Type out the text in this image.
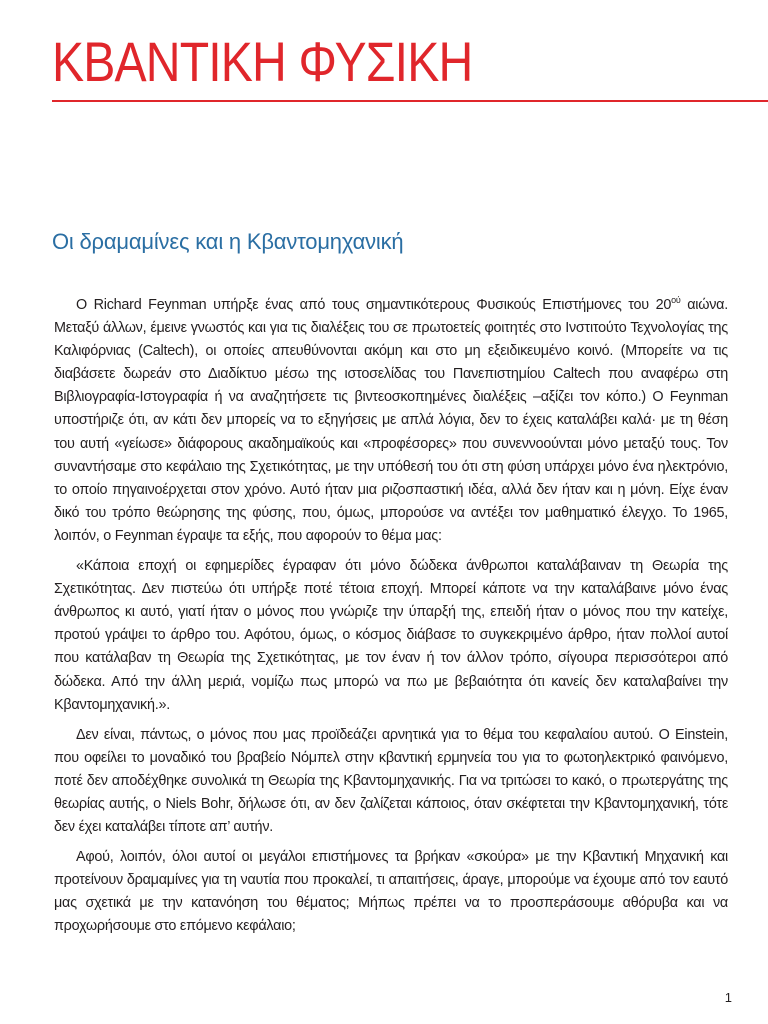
ΚΒΑΝΤΙΚΗ ΦΥΣΙΚΗ
Οι δραμαμίνες και η Κβαντομηχανική

Ο Richard Feynman υπήρξε ένας από τους σημαντικότερους Φυσικούς Επιστήμονες του $20^{oύ}$ αιώνα. Μεταξύ άλλων, έμεινε γνωστός και για τις διαλέξεις του σε πρωτοετείς φοιτητές στο Ινστιτούτο Τεχνολογίας της Καλιφόρνιας (Caltech), οι οποίες απευθύνονται ακόμη και στο μη εξειδικευμένο κοινό. (Μπορείτε να τις διαβάσετε δωρεάν στο Διαδίκτυο μέσω της ιστοσελίδας του Πανεπιστημίου Caltech που αναφέρω στη Βιβλιογραφία-Ιστογραφία ή να αναζητήσετε τις βιντεοσκοπημένες διαλέξεις –αξίζει τον κόπο.) Ο Feynman υποστήριζε ότι, αν κάτι δεν μπορείς να το εξηγήσεις με απλά λόγια, δεν το έχεις καταλάβει καλά· με τη θέση του αυτή «γείωσε» διάφορους ακαδημαϊκούς και «προφέσορες» που συνεννοούνται μόνο μεταξύ τους. Τον συναντήσαμε στο κεφάλαιο της Σχετικότητας, με την υπόθεσή του ότι στη φύση υπάρχει μόνο ένα ηλεκτρόνιο, το οποίο πηγαινοέρχεται στον χρόνο. Αυτό ήταν μια ριζοσπαστική ιδέα, αλλά δεν ήταν και η μόνη. Είχε έναν δικό του τρόπο θεώρησης της φύσης, που, όμως, μπορούσε να αντέξει τον μαθηματικό έλεγχο. Το 1965, λοιπόν, ο Feynman έγραψε τα εξής, που αφορούν το θέμα μας:

«Κάποια εποχή οι εφημερίδες έγραφαν ότι μόνο δώδεκα άνθρωποι καταλάβαιναν τη Θεωρία της Σχετικότητας. Δεν πιστεύω ότι υπήρξε ποτέ τέτοια εποχή. Μπορεί κάποτε να την καταλάβαινε μόνο ένας άνθρωπος κι αυτό, γιατί ήταν ο μόνος που γνώριζε την ύπαρξή της, επειδή ήταν ο μόνος που την κατείχε, προτού γράψει το άρθρο του. Αφότου, όμως, ο κόσμος διάβασε το συγκεκριμένο άρθρο, ήταν πολλοί αυτοί που κατάλαβαν τη Θεωρία της Σχετικότητας, με τον έναν ή τον άλλον τρόπο, σίγουρα περισσότεροι από δώδεκα. Από την άλλη μεριά, νομίζω πως μπορώ να πω με βεβαιότητα ότι κανείς δεν καταλαβαίνει την Κβαντομηχανική.».

Δεν είναι, πάντως, ο μόνος που μας προϊδεάζει αρνητικά για το θέμα του κεφαλαίου αυτού. Ο Einstein, που οφείλει το μοναδικό του βραβείο Νόμπελ στην κβαντική ερμηνεία του για το φωτοηλεκτρικό φαινόμενο, ποτέ δεν αποδέχθηκε συνολικά τη Θεωρία της Κβαντομηχανικής. Για να τριτώσει το κακό, ο πρωτεργάτης της θεωρίας αυτής, ο Niels Bohr, δήλωσε ότι, αν δεν ζαλίζεται κάποιος, όταν σκέφτεται την Κβαντομηχανική, τότε δεν έχει καταλάβει τίποτε απ’ αυτήν.

Αφού, λοιπόν, όλοι αυτοί οι μεγάλοι επιστήμονες τα βρήκαν «σκούρα» με την Κβαντική Μηχανική και προτείνουν δραμαμίνες για τη ναυτία που προκαλεί, τι απαιτήσεις, άραγε, μπορούμε να έχουμε από τον εαυτό μας σχετικά με την κατανόηση του θέματος; Μήπως πρέπει να το προσπεράσουμε αθόρυβα και να προχωρήσουμε στο επόμενο κεφάλαιο;

1
